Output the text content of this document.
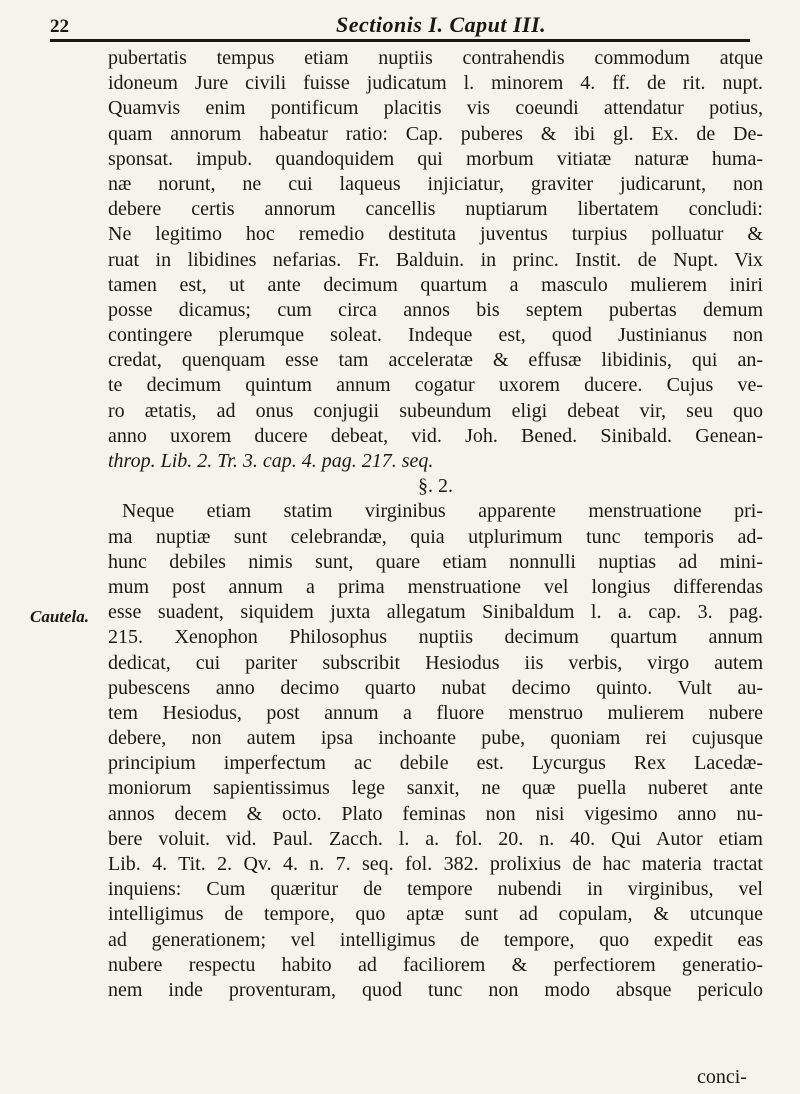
22	Sectionis I. Caput III.
Cautela.
pubertatis tempus etiam nuptiis contrahendis commodum atque
idoneum Jure civili fuisse judicatum l. minorem 4. ff. de rit. nupt.
Quamvis enim pontificum placitis vis coeundi attendatur potius,
quam annorum habeatur ratio: Cap. puberes & ibi gl. Ex. de De-
sponsat. impub. quandoquidem qui morbum vitiatæ naturæ huma-
næ norunt, ne cui laqueus injiciatur, graviter judicarunt, non
debere certis annorum cancellis nuptiarum libertatem concludi:
Ne legitimo hoc remedio destituta juventus turpius polluatur &
ruat in libidines nefarias. Fr. Balduin. in princ. Instit. de Nupt. Vix
tamen est, ut ante decimum quartum a masculo mulierem iniri
posse dicamus; cum circa annos bis septem pubertas demum
contingere plerumque soleat. Indeque est, quod Justinianus non
credat, quenquam esse tam acceleratæ & effusæ libidinis, qui an-
te decimum quintum annum cogatur uxorem ducere. Cujus ve-
ro ætatis, ad onus conjugii subeundum eligi debeat vir, seu quo
anno uxorem ducere debeat, vid. Joh. Bened. Sinibald. Genean-
throp. Lib. 2. Tr. 3. cap. 4. pag. 217. seq.
§. 2.
Neque etiam statim virginibus apparente menstruatione pri-
ma nuptiæ sunt celebrandæ, quia utplurimum tunc temporis ad-
hunc debiles nimis sunt, quare etiam nonnulli nuptias ad mini-
mum post annum a prima menstruatione vel longius differendas
esse suadent, siquidem juxta allegatum Sinibaldum l. a. cap. 3. pag.
215. Xenophon Philosophus nuptiis decimum quartum annum
dedicat, cui pariter subscribit Hesiodus iis verbis, virgo autem
pubescens anno decimo quarto nubat decimo quinto. Vult au-
tem Hesiodus, post annum a fluore menstruo mulierem nubere
debere, non autem ipsa inchoante pube, quoniam rei cujusque
principium imperfectum ac debile est. Lycurgus Rex Lacedæ-
moniorum sapientissimus lege sanxit, ne quæ puella nuberet ante
annos decem & octo. Plato feminas non nisi vigesimo anno nu-
bere voluit. vid. Paul. Zacch. l. a. fol. 20. n. 40. Qui Autor etiam
Lib. 4. Tit. 2. Qv. 4. n. 7. seq. fol. 382. prolixius de hac materia tractat
inquiens: Cum quæritur de tempore nubendi in virginibus, vel
intelligimus de tempore, quo aptæ sunt ad copulam, & utcunque
ad generationem; vel intelligimus de tempore, quo expedit eas
nubere respectu habito ad faciliorem & perfectiorem generatio-
nem inde proventuram, quod tunc non modo absque periculo
conci-
